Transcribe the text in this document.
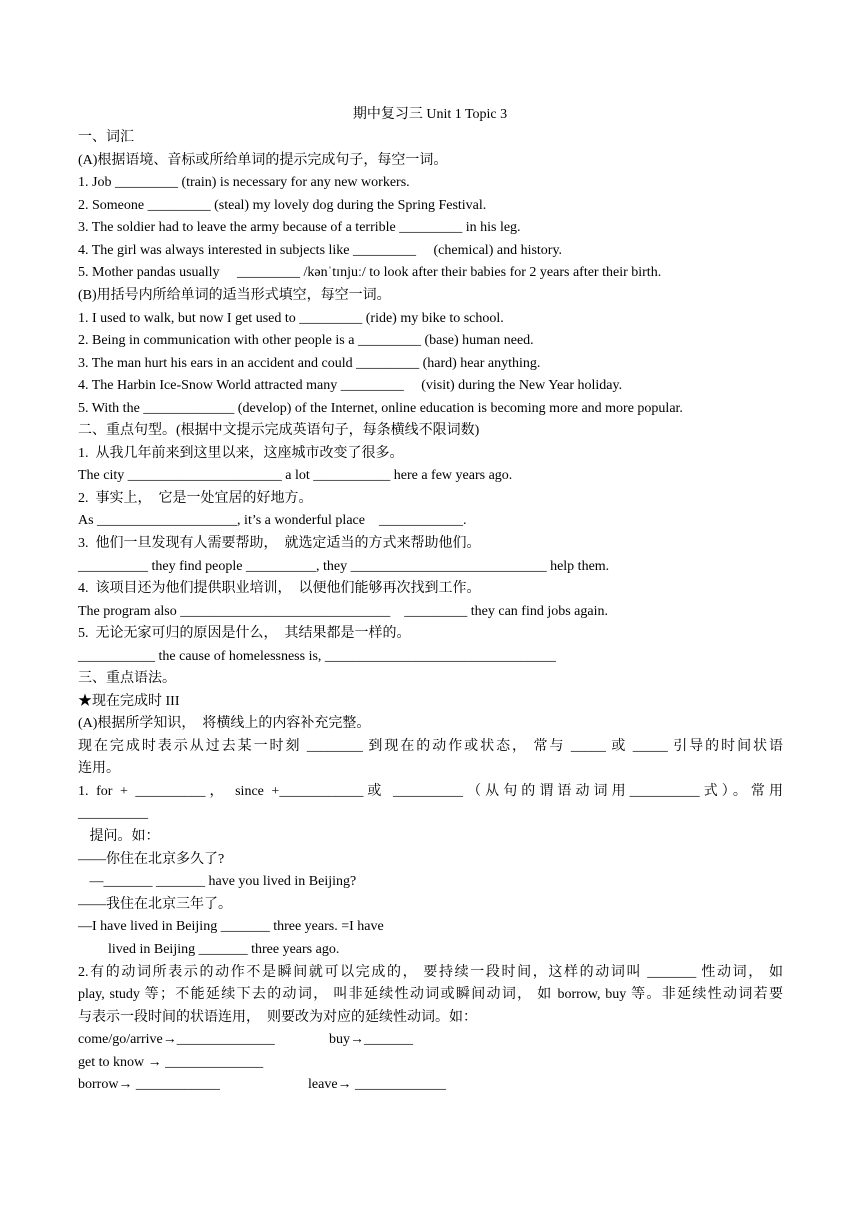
期中复习三 Unit 1 Topic 3
一、词汇
(A)根据语境、音标或所给单词的提示完成句子，每空一词。
1. Job _________ (train) is necessary for any new workers.
2. Someone _________ (steal) my lovely dog during the Spring Festival.
3. The soldier had to leave the army because of a terrible _________ in his leg.
4. The girl was always interested in subjects like _________     (chemical) and history.
5. Mother pandas usually     _________ /kənˈtɪnjuː/ to look after their babies for 2 years after their birth.
(B)用括号内所给单词的适当形式填空，每空一词。
1. I used to walk, but now I get used to _________ (ride) my bike to school.
2. Being in communication with other people is a _________ (base) human need.
3. The man hurt his ears in an accident and could _________ (hard) hear anything.
4. The Harbin Ice-Snow World attracted many _________     (visit) during the New Year holiday.
5. With the _____________ (develop) of the Internet, online education is becoming more and more popular.
二、重点句型。(根据中文提示完成英语句子，每条横线不限词数)
1.  从我几年前来到这里以来，这座城市改变了很多。
The city ______________________ a lot ___________ here a few years ago.
2.  事实上，  它是一处宜居的好地方。
As ____________________, it’s a wonderful place    ____________.
3.  他们一旦发现有人需要帮助，  就选定适当的方式来帮助他们。
__________ they find people __________, they ____________________________ help them.
4.  该项目还为他们提供职业培训，  以便他们能够再次找到工作。
The program also ______________________________    _________ they can find jobs again.
5.  无论无家可归的原因是什么，  其结果都是一样的。
___________ the cause of homelessness is, _________________________________
三、重点语法。
★现在完成时 III
(A)根据所学知识，  将横线上的内容补充完整。
现在完成时表示从过去某一时刻 ________ 到现在的动作或状态， 常与 _____ 或 _____ 引导的时间状语
连用。
1. for + __________， since +____________或 __________（从句的谓语动词用__________式）。常用
__________
提问。如：
——你住在北京多久了?
—_______ _______ have you lived in Beijing?
——我住在北京三年了。
—I have lived in Beijing _______ three years. =I have
lived in Beijing _______ three years ago.
2.有的动词所表示的动作不是瞬间就可以完成的， 要持续一段时间，这样的动词叫 _______ 性动词， 如
play, study 等；不能延续下去的动词， 叫非延续性动词或瞬间动词， 如 borrow, buy 等。非延续性动词若要
与表示一段时间的状语连用，  则要改为对应的延续性动词。如：
come/go/arrive→______________	buy→_______
get to know → ______________
borrow→ ____________	leave→ _____________
